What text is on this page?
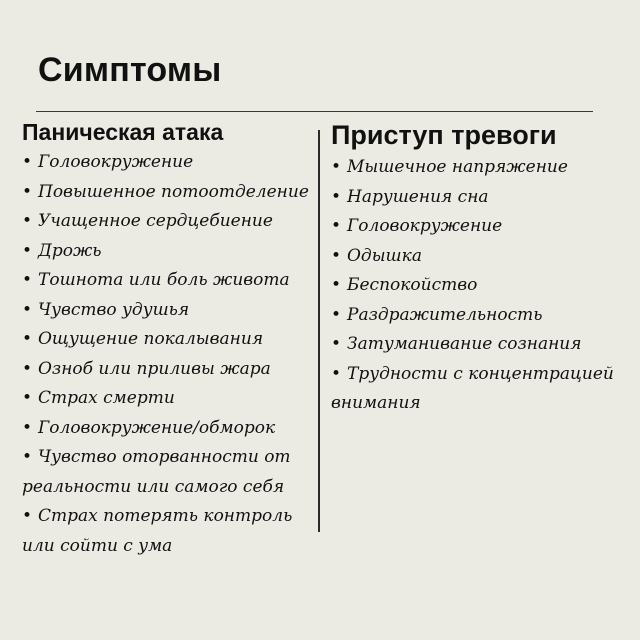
Симптомы
Паническая атака
• Головокружение
• Повышенное потоотделение
• Учащенное сердцебиение
• Дрожь
• Тошнота или боль живота
• Чувство удушья
• Ощущение покалывания
• Озноб или приливы жара
• Страх смерти
• Головокружение/обморок
• Чувство оторванности от реальности или самого себя
• Страх потерять контроль или сойти с ума
Приступ тревоги
• Мышечное напряжение
• Нарушения сна
• Головокружение
• Одышка
• Беспокойство
• Раздражительность
• Затуманивание сознания
• Трудности с концентрацией внимания
